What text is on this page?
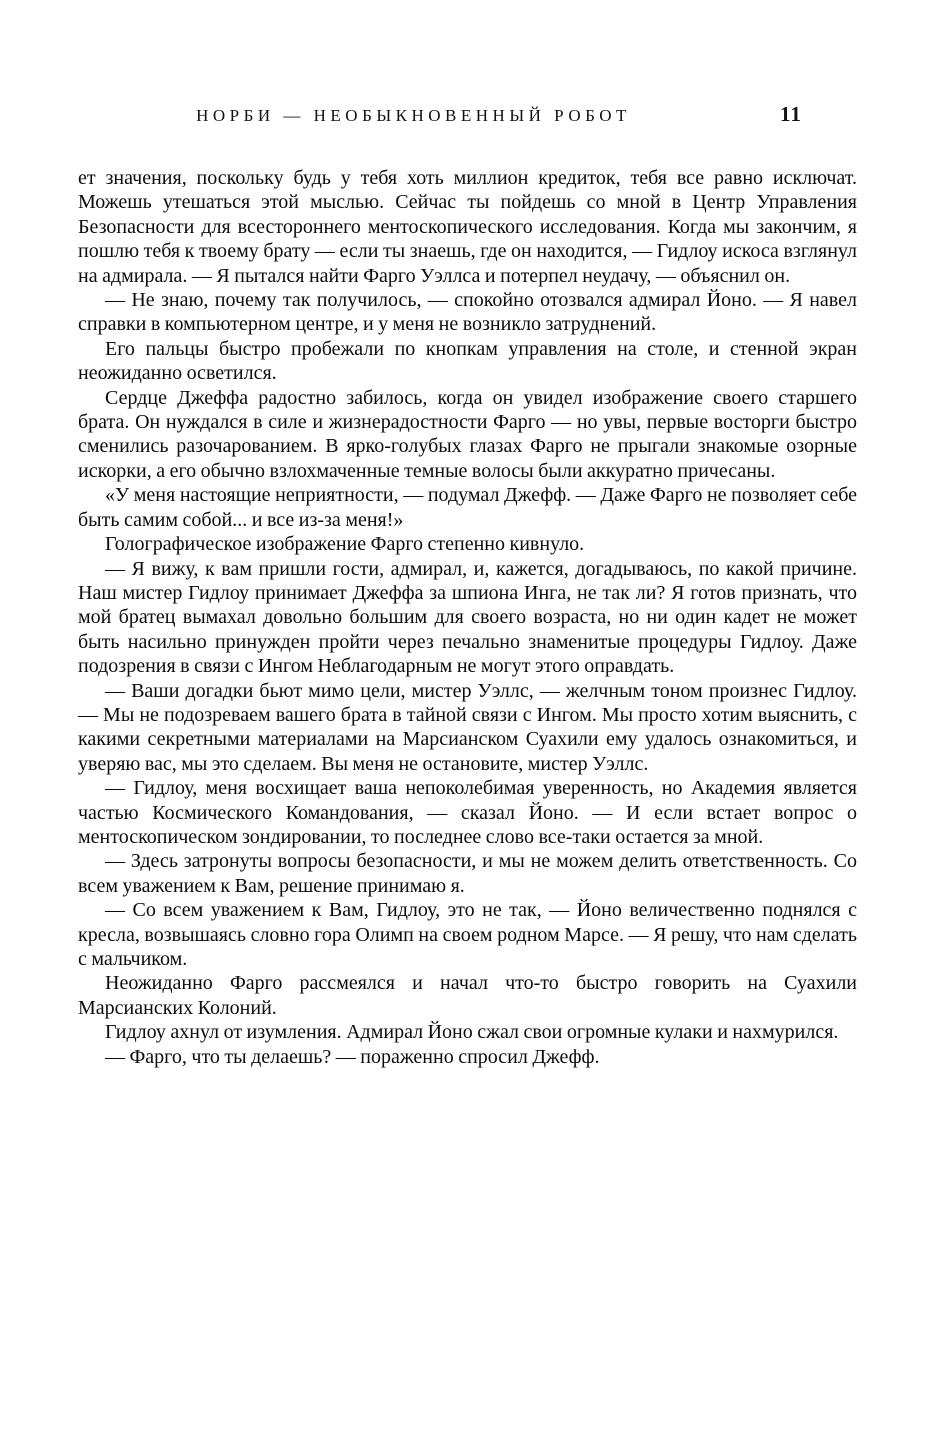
НОРБИ — НЕОБЫКНОВЕННЫЙ РОБОТ	11

ет значения, поскольку будь у тебя хоть миллион кредиток, тебя все равно исключат. Можешь утешаться этой мыслью. Сейчас ты пойдешь со мной в Центр Управления Безопасности для всестороннего ментоскопического исследования. Когда мы закончим, я пошлю тебя к твоему брату — если ты знаешь, где он находится, — Гидлоу искоса взглянул на адмирала. — Я пытался найти Фарго Уэллса и потерпел неудачу, — объяснил он.

— Не знаю, почему так получилось, — спокойно отозвался адмирал Йоно. — Я навел справки в компьютерном центре, и у меня не возникло затруднений.

Его пальцы быстро пробежали по кнопкам управления на столе, и стенной экран неожиданно осветился.

Сердце Джеффа радостно забилось, когда он увидел изображение своего старшего брата. Он нуждался в силе и жизнерадостности Фарго — но увы, первые восторги быстро сменились разочарованием. В ярко-голубых глазах Фарго не прыгали знакомые озорные искорки, а его обычно взлохмаченные темные волосы были аккуратно причесаны.

«У меня настоящие неприятности, — подумал Джефф. — Даже Фарго не позволяет себе быть самим собой... и все из-за меня!»

Голографическое изображение Фарго степенно кивнуло.

— Я вижу, к вам пришли гости, адмирал, и, кажется, догадываюсь, по какой причине. Наш мистер Гидлоу принимает Джеффа за шпиона Инга, не так ли? Я готов признать, что мой братец вымахал довольно большим для своего возраста, но ни один кадет не может быть насильно принужден пройти через печально знаменитые процедуры Гидлоу. Даже подозрения в связи с Ингом Неблагодарным не могут этого оправдать.

— Ваши догадки бьют мимо цели, мистер Уэллс, — желчным тоном произнес Гидлоу. — Мы не подозреваем вашего брата в тайной связи с Ингом. Мы просто хотим выяснить, с какими секретными материалами на Марсианском Суахили ему удалось ознакомиться, и уверяю вас, мы это сделаем. Вы меня не остановите, мистер Уэллс.

— Гидлоу, меня восхищает ваша непоколебимая уверенность, но Академия является частью Космического Командования, — сказал Йоно. — И если встает вопрос о ментоскопическом зондировании, то последнее слово все-таки остается за мной.

— Здесь затронуты вопросы безопасности, и мы не можем делить ответственность. Со всем уважением к Вам, решение принимаю я.

— Со всем уважением к Вам, Гидлоу, это не так, — Йоно величественно поднялся с кресла, возвышаясь словно гора Олимп на своем родном Марсе. — Я решу, что нам сделать с мальчиком.

Неожиданно Фарго рассмеялся и начал что-то быстро говорить на Суахили Марсианских Колоний.

Гидлоу ахнул от изумления. Адмирал Йоно сжал свои огромные кулаки и нахмурился.

— Фарго, что ты делаешь? — пораженно спросил Джефф.
